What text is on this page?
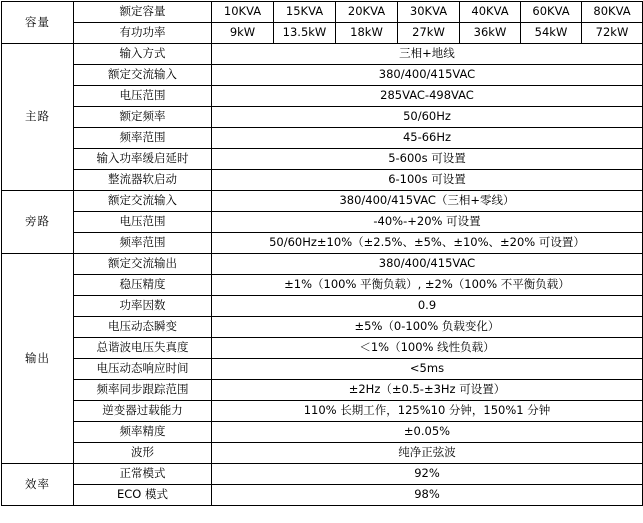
容量	额定容量	10KVA	15KVA	20KVA	30KVA	40KVA	60KVA	80KVA
	有功功率	9kW	13.5kW	18kW	27kW	36kW	54kW	72kW
主路	输入方式	三相+地线						
	额定交流输入	380/400/415VAC						
	电压范围	285VAC-498VAC						
	额定频率	50/60Hz						
	频率范围	45-66Hz						
	输入功率缓启延时	5-600s 可设置						
	整流器软启动	6-100s 可设置						
旁路	额定交流输入	380/400/415VAC（三相+零线）						
	电压范围	-40%-+20% 可设置						
	频率范围	50/60Hz±10%（±2.5%、±5%、±10%、±20% 可设置）						
输出	额定交流输出	380/400/415VAC						
	稳压精度	±1%（100% 平衡负载）, ±2%（100% 不平衡负载）						
	功率因数	0.9						
	电压动态瞬变	±5%（0-100% 负载变化）						
	总谐波电压失真度	＜1%（100% 线性负载）						
	电压动态响应时间	<5ms						
	频率同步跟踪范围	±2Hz（±0.5-±3Hz 可设置）						
	逆变器过载能力	110% 长期工作，125%10 分钟，150%1 分钟						
	频率精度	±0.05%						
	波形	纯净正弦波						
效率	正常模式	92%						
	ECO 模式	98%						
